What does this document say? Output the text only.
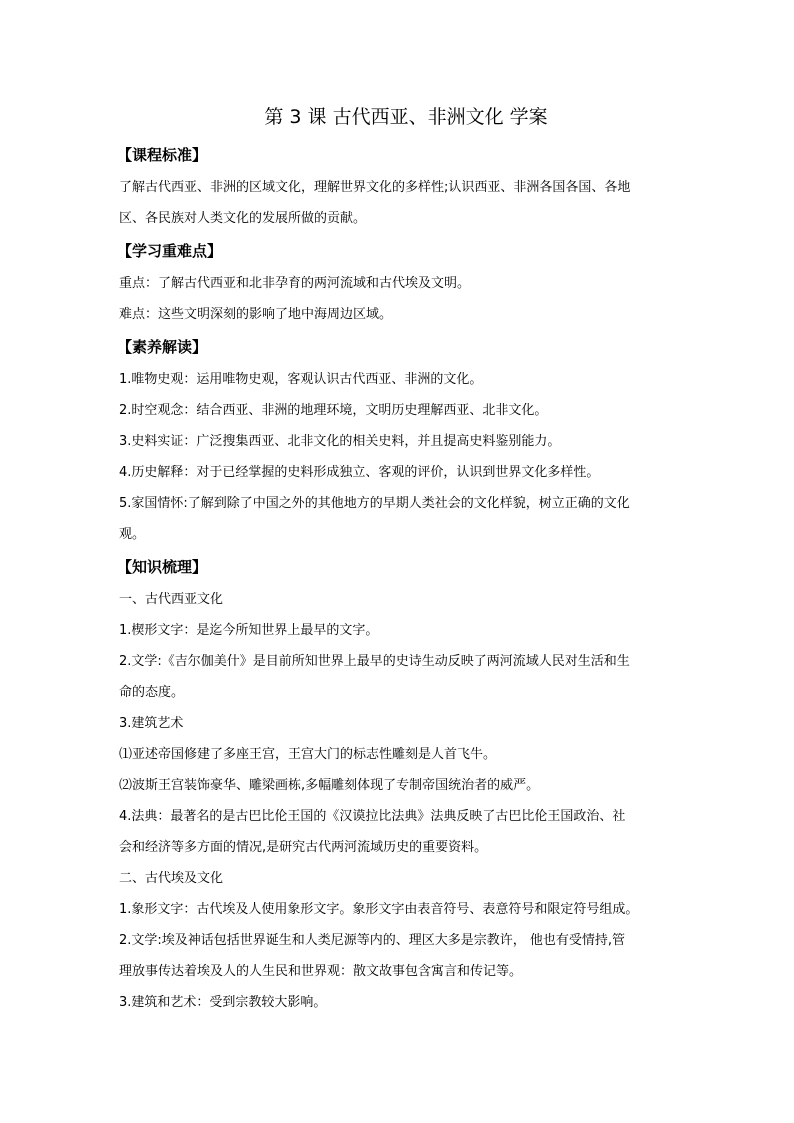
第 3 课 古代西亚、非洲文化 学案
【课程标准】

了解古代西亚、非洲的区域文化，理解世界文化的多样性;认识西亚、非洲各国各国、各地

区、各民族对人类文化的发展所做的贡献。

【学习重难点】

重点：了解古代西亚和北非孕育的两河流域和古代埃及文明。

难点：这些文明深刻的影响了地中海周边区域。

【素养解读】

1.唯物史观：运用唯物史观，客观认识古代西亚、非洲的文化。

2.时空观念：结合西亚、非洲的地理环境，文明历史理解西亚、北非文化。

3.史料实证：广泛搜集西亚、北非文化的相关史料，并且提高史料鉴别能力。

4.历史解释：对于已经掌握的史料形成独立、客观的评价，认识到世界文化多样性。

5.家国情怀:了解到除了中国之外的其他地方的早期人类社会的文化样貌，树立正确的文化

观。

【知识梳理】

一、古代西亚文化

1.楔形文字：是迄今所知世界上最早的文字。

2.文学:《吉尔伽美什》是目前所知世界上最早的史诗生动反映了两河流域人民对生活和生

命的态度。

3.建筑艺术

⑴亚述帝国修建了多座王宫，王宫大门的标志性雕刻是人首飞牛。

⑵波斯王宫装饰豪华、雕梁画栋,多幅雕刻体现了专制帝国统治者的威严。

4.法典：最著名的是古巴比伦王国的《汉谟拉比法典》法典反映了古巴比伦王国政治、社

会和经济等多方面的情况,是研究古代两河流域历史的重要资料。

二、古代埃及文化

1.象形文字：古代埃及人使用象形文字。象形文字由表音符号、表意符号和限定符号组成。

2.文学:埃及神话包括世界诞生和人类尼源等内的、理区大多是宗教许， 他也有受情持,管

理放事传达着埃及人的人生民和世界观：散文故事包含寓言和传记等。

3.建筑和艺术：受到宗教较大影响。
